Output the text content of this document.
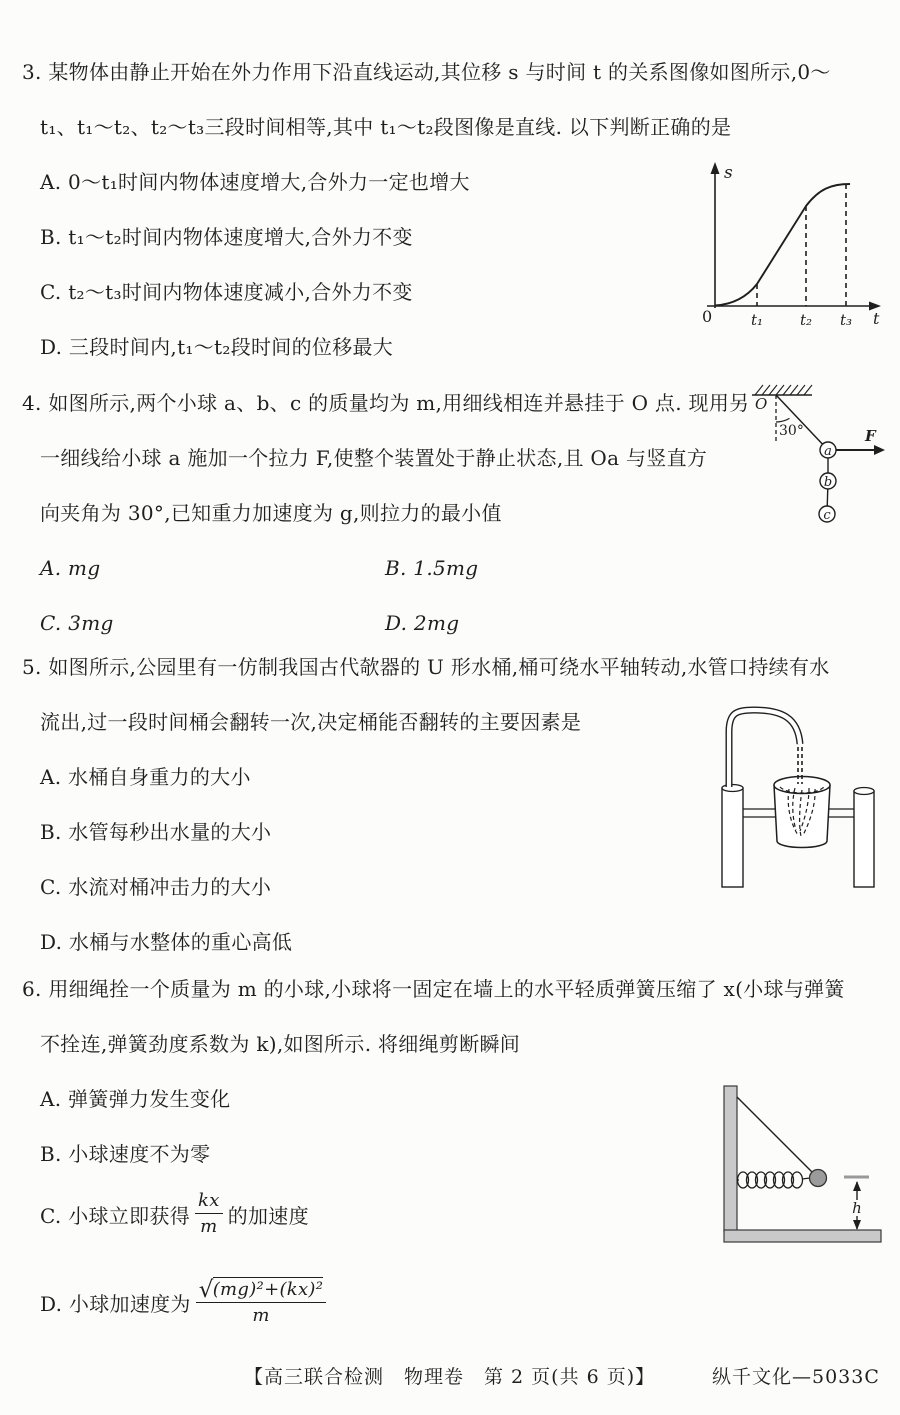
3. 某物体由静止开始在外力作用下沿直线运动,其位移 s 与时间 t 的关系图像如图所示,0～
t₁、t₁～t₂、t₂～t₃三段时间相等,其中 t₁～t₂段图像是直线. 以下判断正确的是
A. 0～t₁时间内物体速度增大,合外力一定也增大
B. t₁～t₂时间内物体速度增大,合外力不变
C. t₂～t₃时间内物体速度减小,合外力不变
D. 三段时间内,t₁～t₂段时间的位移最大
s
t
0	t₁ t₂ t₃
4. 如图所示,两个小球 a、b、c 的质量均为 m,用细线相连并悬挂于 O 点. 现用另
一细线给小球 a 施加一个拉力 F,使整个装置处于静止状态,且 Oa 与竖直方
向夹角为 30°,已知重力加速度为 g,则拉力的最小值
A. mg	B. 1.5mg
C. 3mg	D. 2mg
O
30°	F
a
b
c
5. 如图所示,公园里有一仿制我国古代欹器的 U 形水桶,桶可绕水平轴转动,水管口持续有水
流出,过一段时间桶会翻转一次,决定桶能否翻转的主要因素是
A. 水桶自身重力的大小
B. 水管每秒出水量的大小
C. 水流对桶冲击力的大小
D. 水桶与水整体的重心高低
6. 用细绳拴一个质量为 m 的小球,小球将一固定在墙上的水平轻质弹簧压缩了 x(小球与弹簧
不拴连,弹簧劲度系数为 k),如图所示. 将细绳剪断瞬间
A. 弹簧弹力发生变化
B. 小球速度不为零
C. 小球立即获得 $\frac{kx}{m}$ 的加速度
D. 小球加速度为 $\frac{\text{√ (mg)²+(kx)²}}{m}$
h
【高三联合检测　物理卷　第 2 页(共 6 页)】	纵千文化—5033C
